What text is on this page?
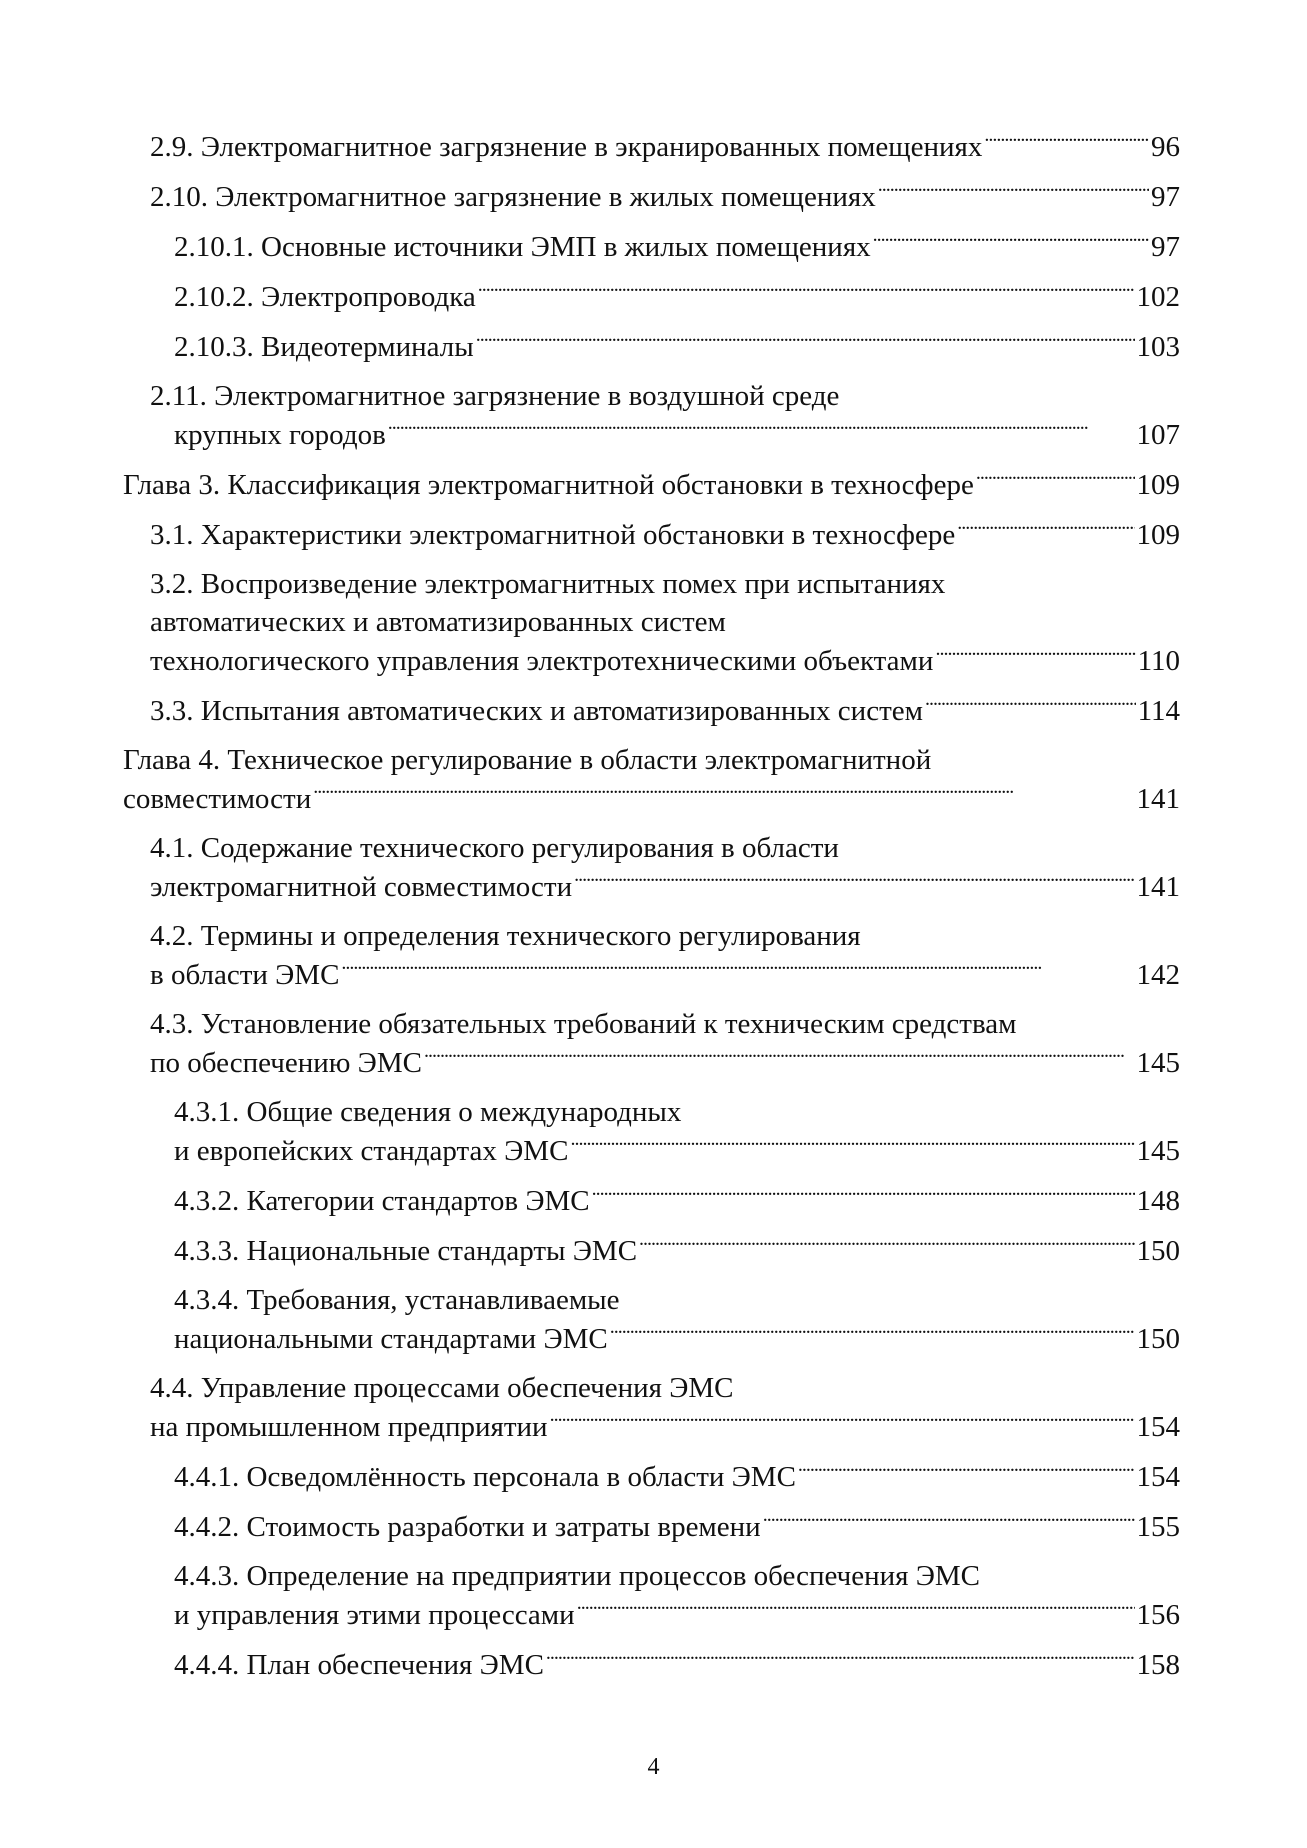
2.9. Электромагнитное загрязнение в экранированных помещениях . . .	96
2.10. Электромагнитное загрязнение в жилых помещениях . . .	97
2.10.1. Основные источники ЭМП в жилых помещениях . . .	97
2.10.2. Электропроводка . . .	102
2.10.3. Видеотерминалы . . .	103
2.11. Электромагнитное загрязнение в воздушной среде
крупных городов . . .	107
Глава 3. Классификация электромагнитной обстановки в техносфере . . .	109
3.1. Характеристики электромагнитной обстановки в техносфере . . .	109
3.2. Воспроизведение электромагнитных помех при испытаниях
автоматических и автоматизированных систем
технологического управления электротехническими объектами . . .	110
3.3. Испытания автоматических и автоматизированных систем . . .	114
Глава 4. Техническое регулирование в области электромагнитной
совместимости . . .	141
4.1. Содержание технического регулирования в области
электромагнитной совместимости . . .	141
4.2. Термины и определения технического регулирования
в области ЭМС . . .	142
4.3. Установление обязательных требований к техническим средствам
по обеспечению ЭМС . . .	145
4.3.1. Общие сведения о международных
и европейских стандартах ЭМС . . .	145
4.3.2. Категории стандартов ЭМС . . .	148
4.3.3. Национальные стандарты ЭМС . . .	150
4.3.4. Требования, устанавливаемые
национальными стандартами ЭМС . . .	150
4.4. Управление процессами обеспечения ЭМС
на промышленном предприятии . . .	154
4.4.1. Осведомлённость персонала в области ЭМС . . .	154
4.4.2. Стоимость разработки и затраты времени . . .	155
4.4.3. Определение на предприятии процессов обеспечения ЭМС
и управления этими процессами . . .	156
4.4.4. План обеспечения ЭМС . . .	158
4
